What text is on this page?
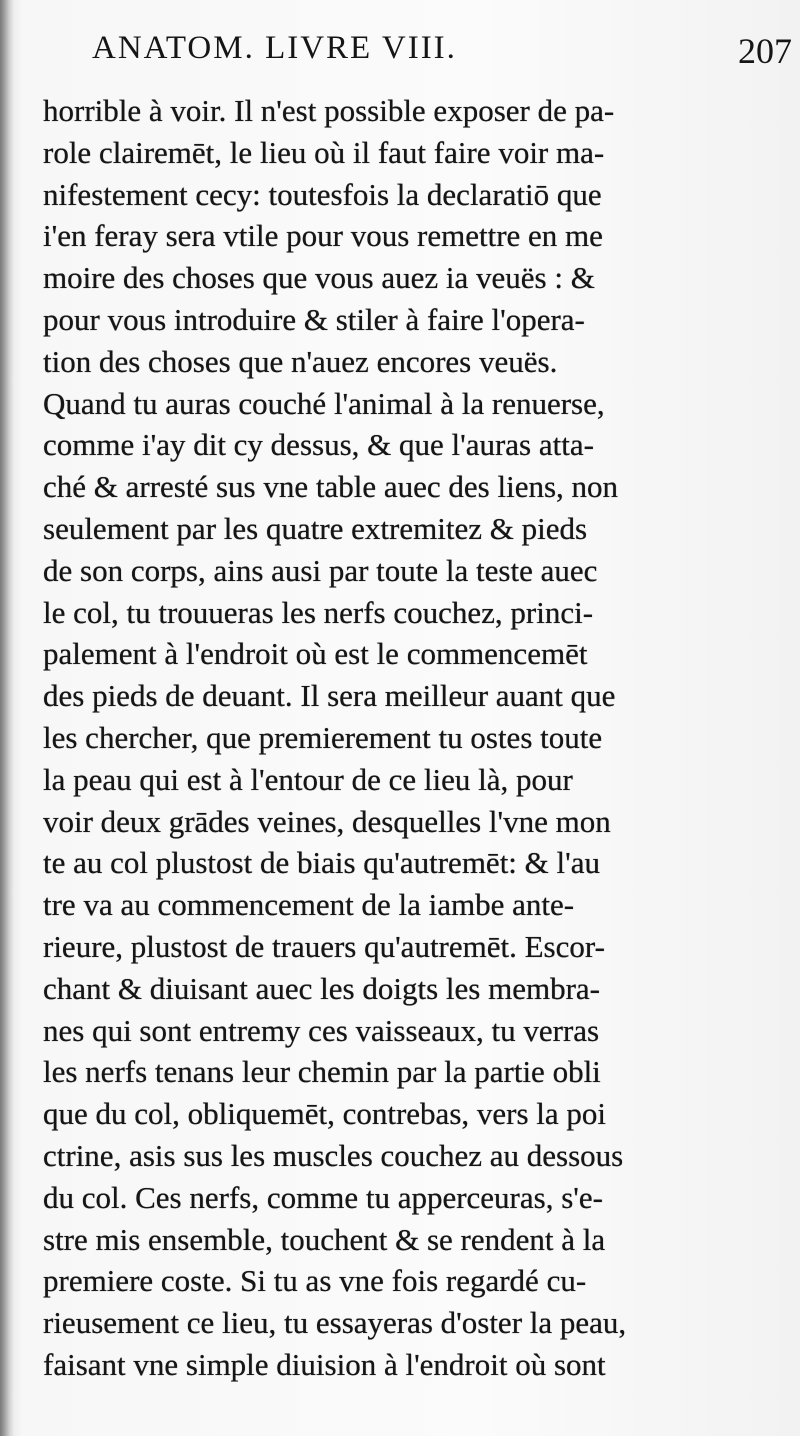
ANATOM. LIVRE VIII.	207
horrible à voir. Il n'est possible exposer de pa-
role clairemēt, le lieu où il faut faire voir ma-
nifestement cecy: toutesfois la declaratiō que
i'en feray sera vtile pour vous remettre en me
moire des choses que vous auez ia veuës : &
pour vous introduire & stiler à faire l'opera-
tion des choses que n'auez encores veuës.
Quand tu auras couché l'animal à la renuerse,
comme i'ay dit cy dessus, & que l'auras atta-
ché & arresté sus vne table auec des liens, non
seulement par les quatre extremitez & pieds
de son corps, ains ausi par toute la teste auec
le col, tu trouueras les nerfs couchez, princi-
palement à l'endroit où est le commencemēt
des pieds de deuant. Il sera meilleur auant que
les chercher, que premierement tu ostes toute
la peau qui est à l'entour de ce lieu là, pour
voir deux grādes veines, desquelles l'vne mon
te au col plustost de biais qu'autremēt: & l'au
tre va au commencement de la iambe ante-
rieure, plustost de trauers qu'autremēt. Escor-
chant & diuisant auec les doigts les membra-
nes qui sont entremy ces vaisseaux, tu verras
les nerfs tenans leur chemin par la partie obli
que du col, obliquemēt, contrebas, vers la poi
ctrine, asis sus les muscles couchez au dessous
du col. Ces nerfs, comme tu apperceuras, s'e-
stre mis ensemble, touchent & se rendent à la
premiere coste. Si tu as vne fois regardé cu-
rieusement ce lieu, tu essayeras d'oster la peau,
faisant vne simple diuision à l'endroit où sont
